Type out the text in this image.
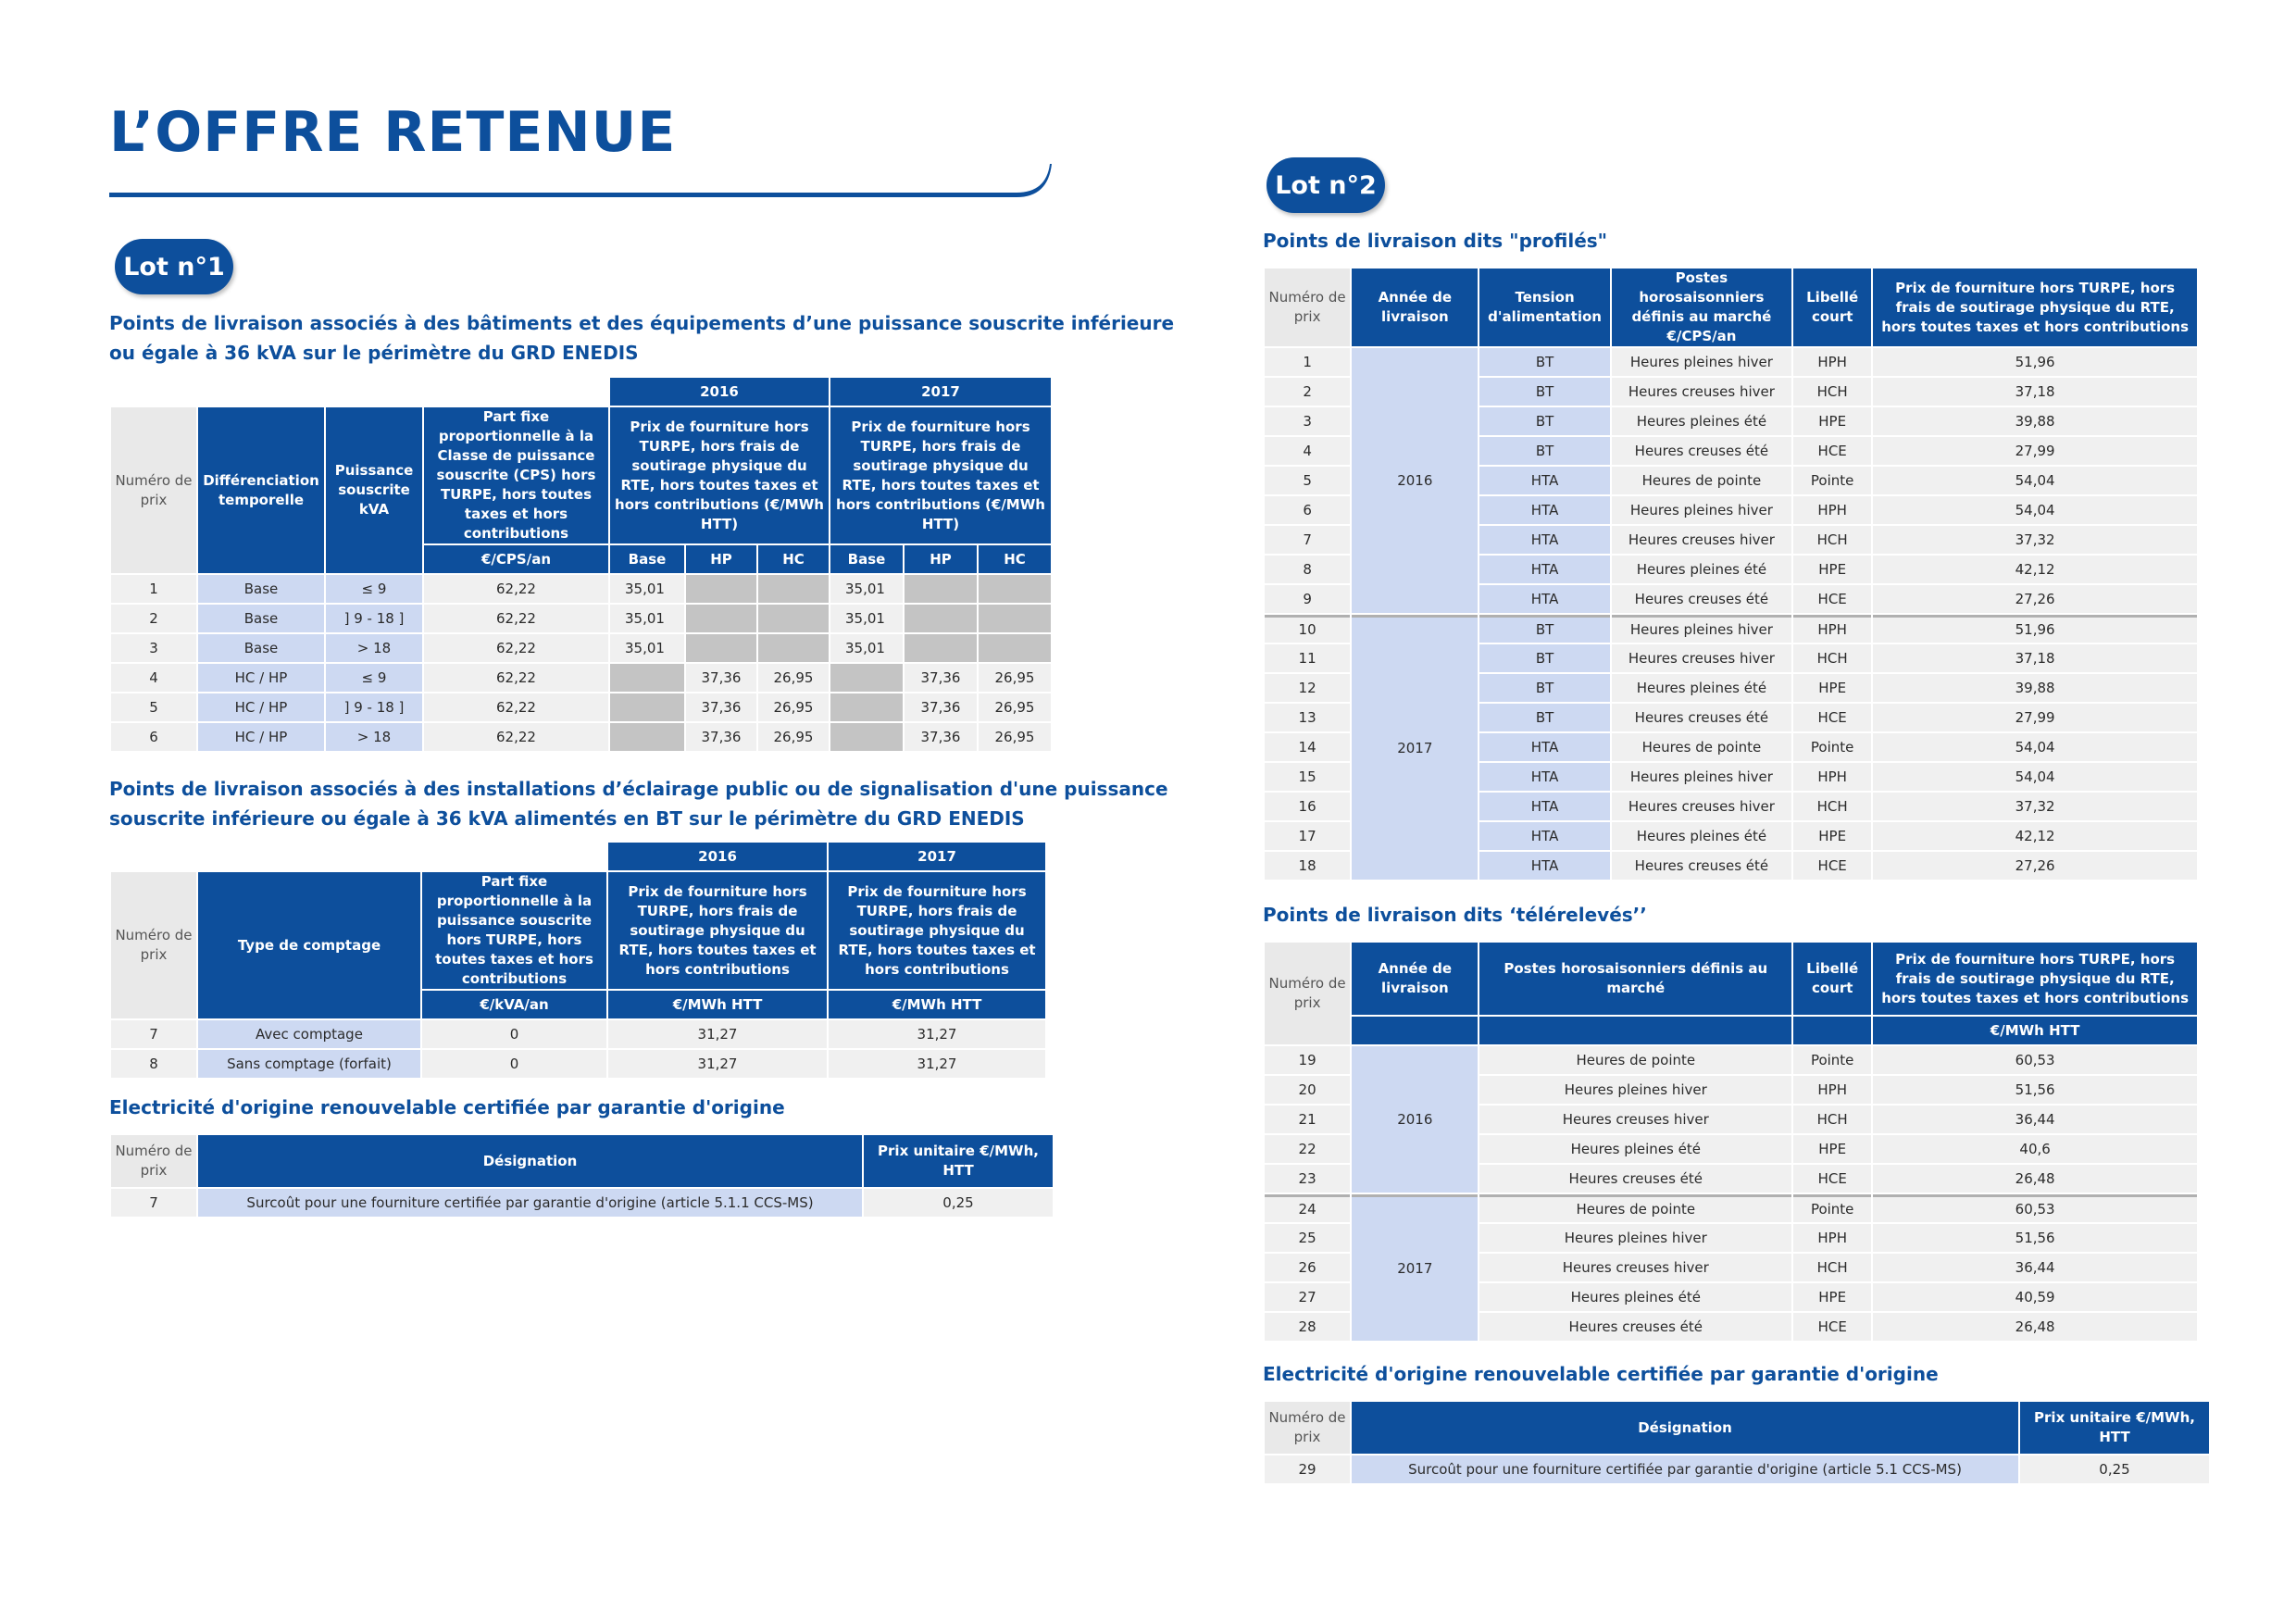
L’OFFRE RETENUE
Lot n°1
Points de livraison associés à des bâtiments et des équipements d’une puissance souscrite inférieure
ou égale à 36 kVA sur le périmètre du GRD ENEDIS
				2016			2017		
Numéro de prix	Différenciation temporelle	Puissance souscrite kVA	Part fixe proportionnelle à la Classe de puissance souscrite (CPS) hors TURPE, hors toutes taxes et hors contributions	Prix de fourniture hors TURPE, hors frais de soutirage physique du RTE, hors toutes taxes et hors contributions (€/MWh HTT)			Prix de fourniture hors TURPE, hors frais de soutirage physique du RTE, hors toutes taxes et hors contributions (€/MWh HTT)		
			€/CPS/an	Base	HP	HC	Base	HP	HC
1	Base	≤ 9	62,22	35,01			35,01		
2	Base	] 9 - 18 ]	62,22	35,01			35,01		
3	Base	> 18	62,22	35,01			35,01		
4	HC / HP	≤ 9	62,22		37,36	26,95		37,36	26,95
5	HC / HP	] 9 - 18 ]	62,22		37,36	26,95		37,36	26,95
6	HC / HP	> 18	62,22		37,36	26,95		37,36	26,95
Points de livraison associés à des installations d’éclairage public ou de signalisation d'une puissance
souscrite inférieure ou égale à 36 kVA alimentés en BT sur le périmètre du GRD ENEDIS
			2016	2017
Numéro de prix	Type de comptage	Part fixe proportionnelle à la puissance souscrite hors TURPE, hors toutes taxes et hors contributions	Prix de fourniture hors TURPE, hors frais de soutirage physique du RTE, hors toutes taxes et hors contributions	Prix de fourniture hors TURPE, hors frais de soutirage physique du RTE, hors toutes taxes et hors contributions
		€/kVA/an	€/MWh HTT	€/MWh HTT
7	Avec comptage	0	31,27	31,27
8	Sans comptage (forfait)	0	31,27	31,27
Electricité d'origine renouvelable certifiée par garantie d'origine
Numéro de prix	Désignation	Prix unitaire €/MWh, HTT
7	Surcoût pour une fourniture certifiée par garantie d'origine (article 5.1.1 CCS-MS)	0,25
Lot n°2
Points de livraison dits "profilés"
Numéro de prix	Année de livraison	Tension d'alimentation	Postes horosaisonniers définis au marché €/CPS/an	Libellé court	Prix de fourniture hors TURPE, hors frais de soutirage physique du RTE, hors toutes taxes et hors contributions
1	2016	BT	Heures pleines hiver	HPH	51,96
2		BT	Heures creuses hiver	HCH	37,18
3		BT	Heures pleines été	HPE	39,88
4		BT	Heures creuses été	HCE	27,99
5		HTA	Heures de pointe	Pointe	54,04
6		HTA	Heures pleines hiver	HPH	54,04
7		HTA	Heures creuses hiver	HCH	37,32
8		HTA	Heures pleines été	HPE	42,12
9		HTA	Heures creuses été	HCE	27,26
10	2017	BT	Heures pleines hiver	HPH	51,96
11		BT	Heures creuses hiver	HCH	37,18
12		BT	Heures pleines été	HPE	39,88
13		BT	Heures creuses été	HCE	27,99
14		HTA	Heures de pointe	Pointe	54,04
15		HTA	Heures pleines hiver	HPH	54,04
16		HTA	Heures creuses hiver	HCH	37,32
17		HTA	Heures pleines été	HPE	42,12
18		HTA	Heures creuses été	HCE	27,26
Points de livraison dits ‘télérelevés’’
Numéro de prix	Année de livraison	Postes horosaisonniers définis au marché	Libellé court	Prix de fourniture hors TURPE, hors frais de soutirage physique du RTE, hors toutes taxes et hors contributions
				€/MWh HTT
19	2016	Heures de pointe	Pointe	60,53
20		Heures pleines hiver	HPH	51,56
21		Heures creuses hiver	HCH	36,44
22		Heures pleines été	HPE	40,6
23		Heures creuses été	HCE	26,48
24	2017	Heures de pointe	Pointe	60,53
25		Heures pleines hiver	HPH	51,56
26		Heures creuses hiver	HCH	36,44
27		Heures pleines été	HPE	40,59
28		Heures creuses été	HCE	26,48
Electricité d'origine renouvelable certifiée par garantie d'origine
Numéro de prix	Désignation	Prix unitaire €/MWh, HTT
29	Surcoût pour une fourniture certifiée par garantie d'origine (article 5.1 CCS-MS)	0,25
